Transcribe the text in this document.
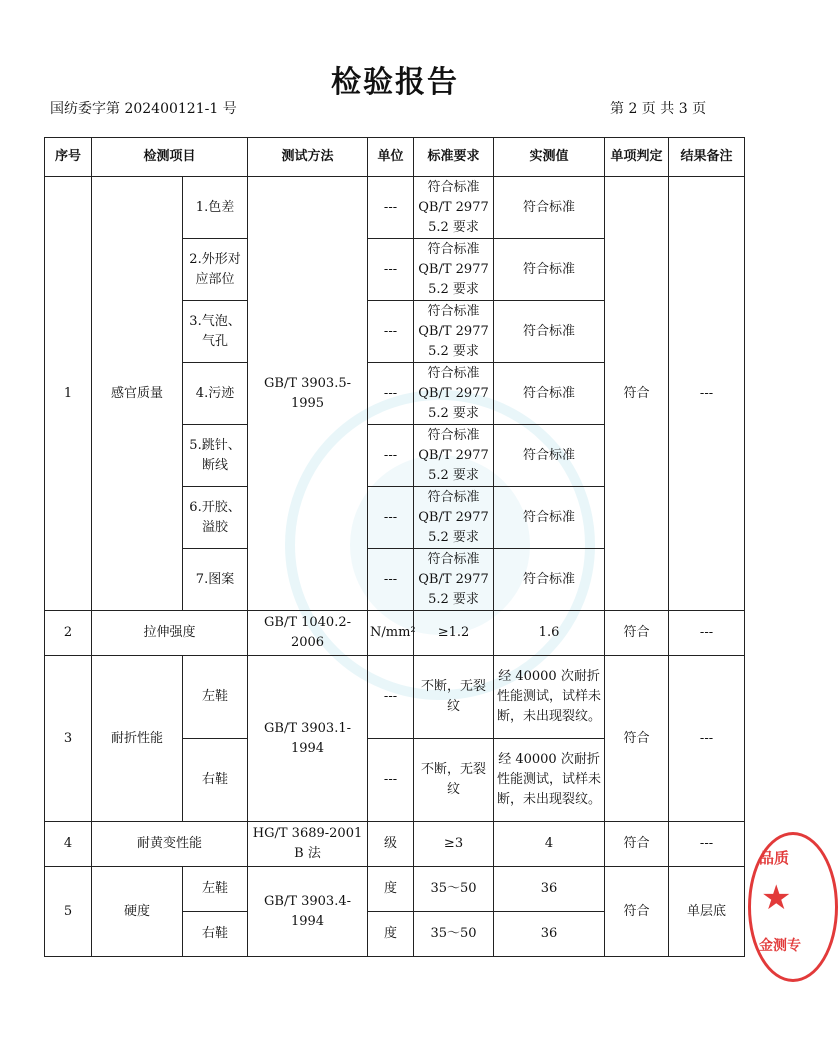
检验报告
国纺委字第 202400121-1 号	第 2 页 共 3 页
序号	检测项目		测试方法	单位	标准要求	实测值	单项判定	结果备注
1	感官质量	1.色差	GB/T 3903.5-1995	---	符合标准 QB/T 2977 5.2 要求	符合标准	符合	---
		2.外形对应部位		---	符合标准 QB/T 2977 5.2 要求	符合标准		
		3.气泡、气孔		---	符合标准 QB/T 2977 5.2 要求	符合标准		
		4.污迹		---	符合标准 QB/T 2977 5.2 要求	符合标准		
		5.跳针、断线		---	符合标准 QB/T 2977 5.2 要求	符合标准		
		6.开胶、溢胶		---	符合标准 QB/T 2977 5.2 要求	符合标准		
		7.图案		---	符合标准 QB/T 2977 5.2 要求	符合标准		
2	拉伸强度		GB/T 1040.2-2006	N/mm²	≥1.2	1.6	符合	---
3	耐折性能	左鞋	GB/T 3903.1-1994	---	不断，无裂纹	经 40000 次耐折性能测试，试样未断，未出现裂纹。	符合	---
		右鞋		---	不断，无裂纹	经 40000 次耐折性能测试，试样未断，未出现裂纹。		
4	耐黄变性能		HG/T 3689-2001 B 法	级	≥3	4	符合	---
5	硬度	左鞋	GB/T 3903.4-1994	度	35～50	36	符合	单层底
		右鞋		度	35～50	36		
品质
★
金测专
